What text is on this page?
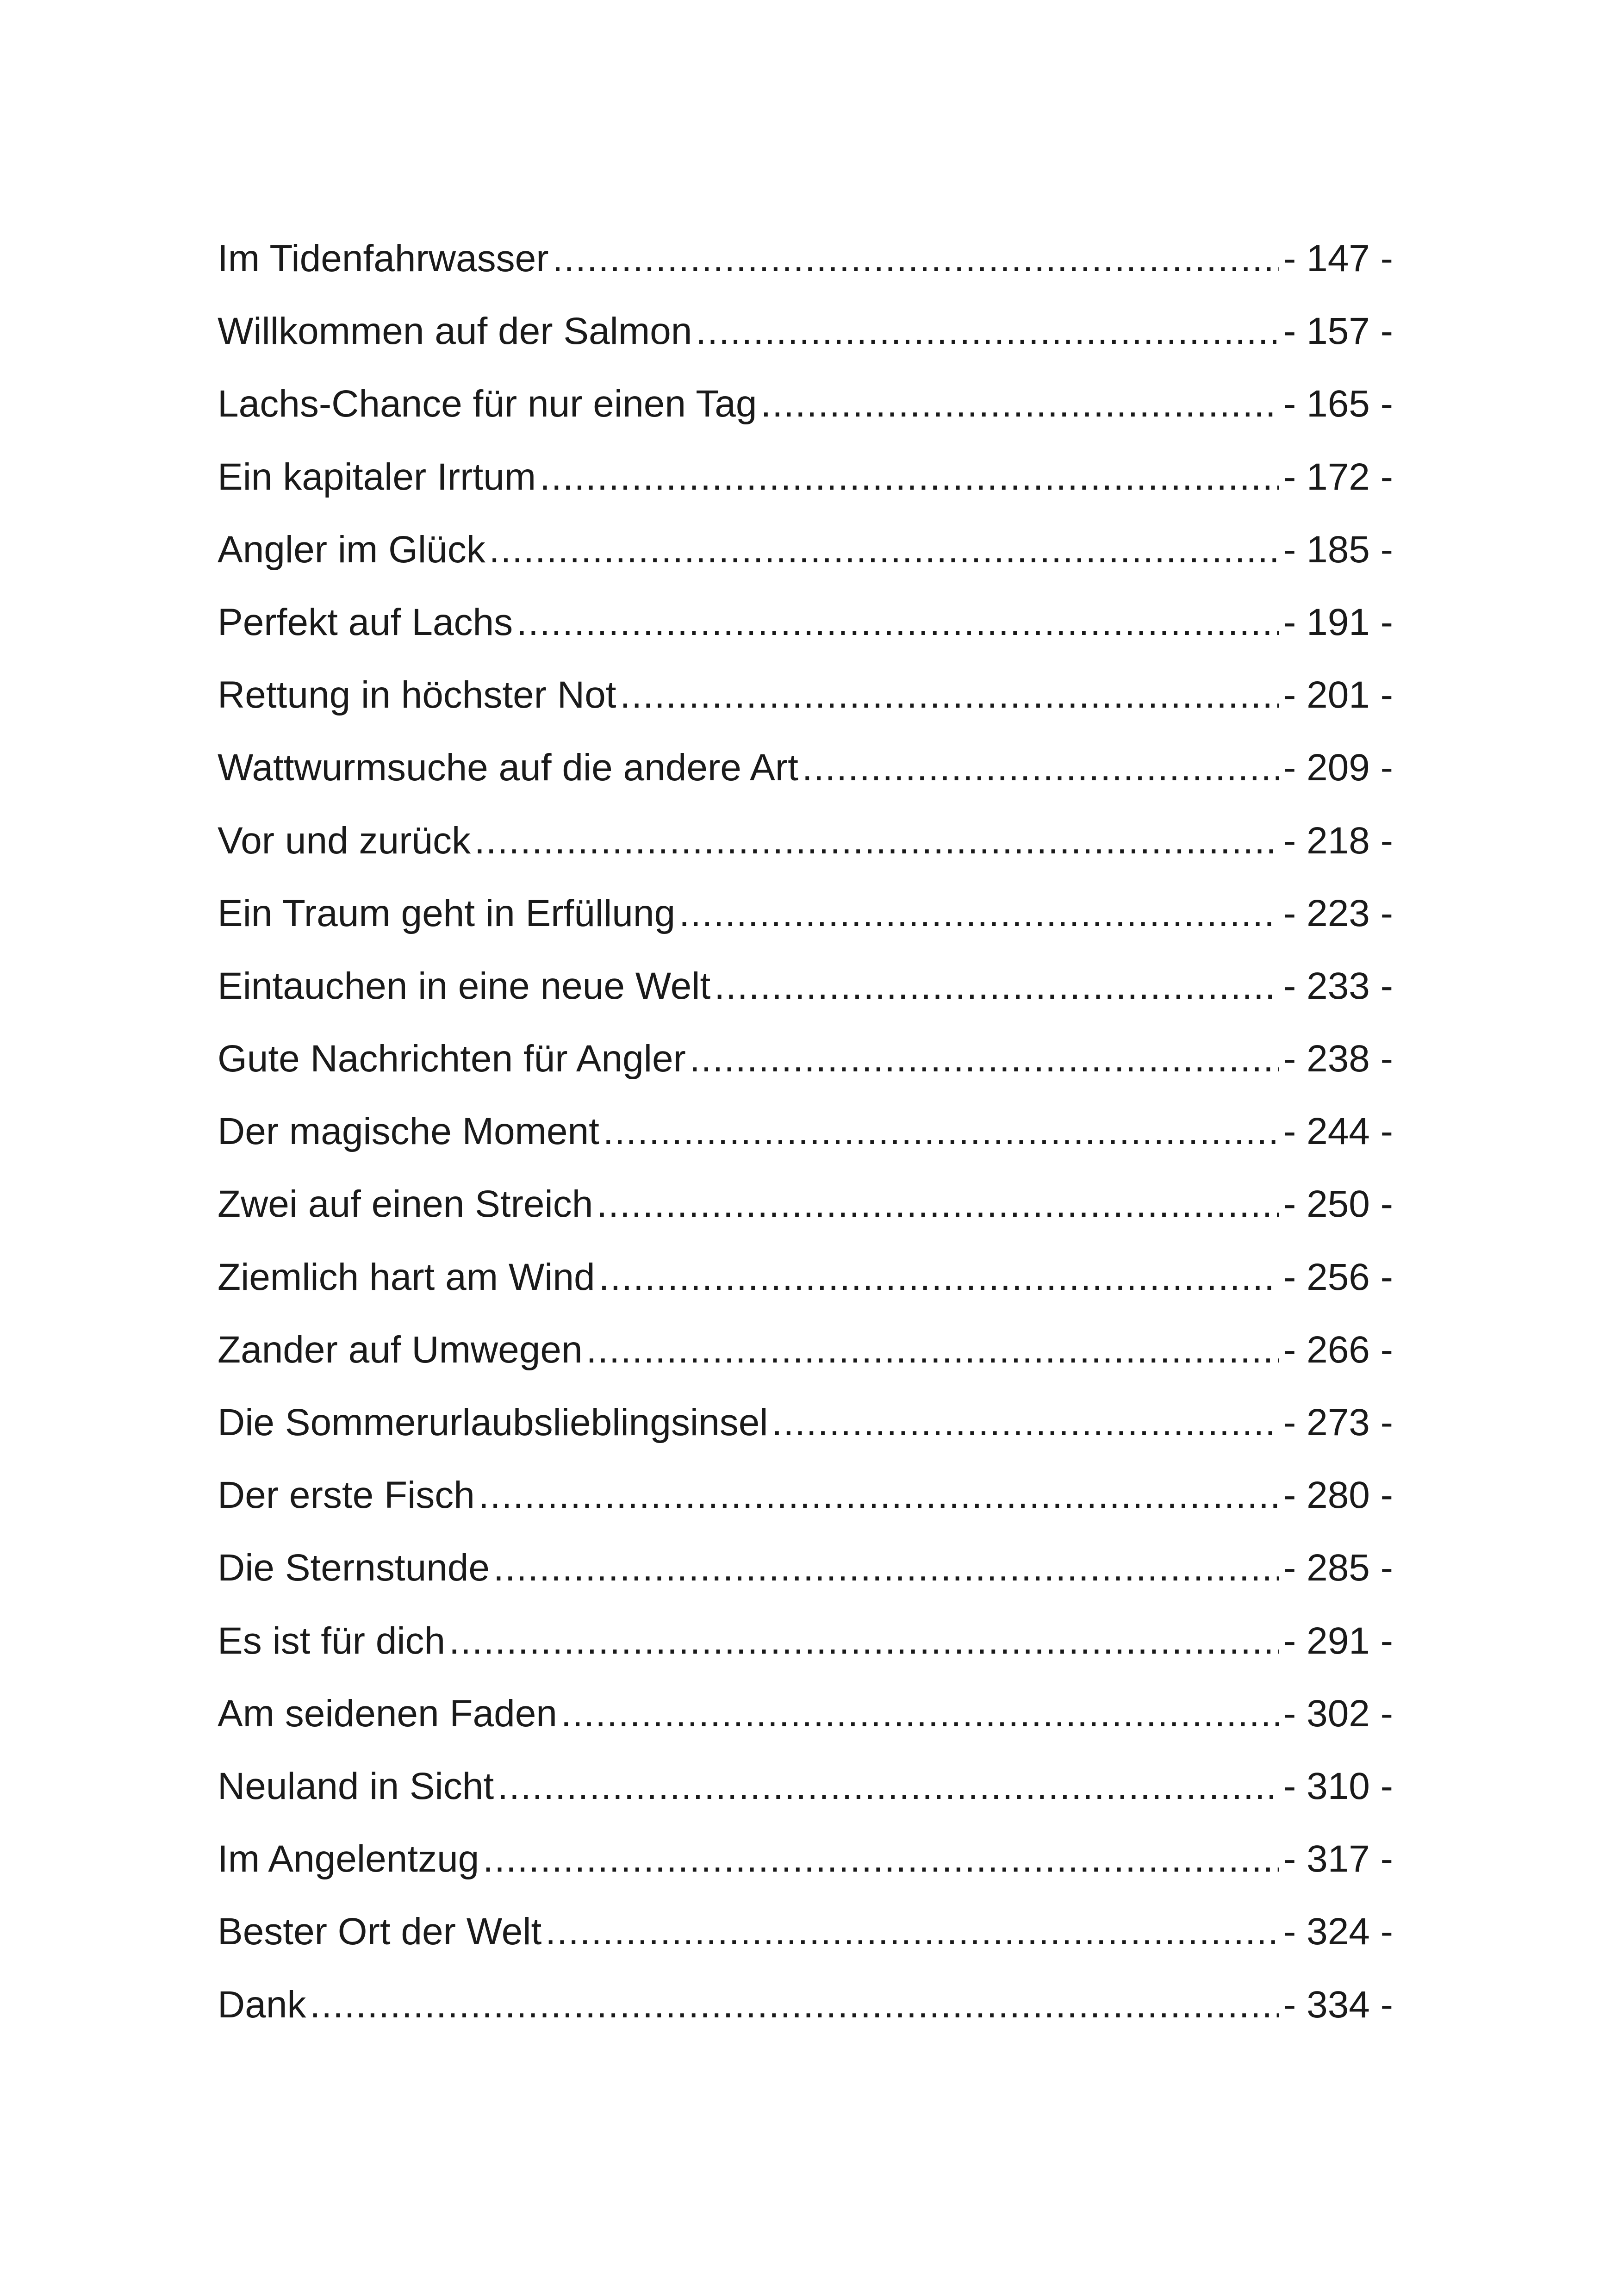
Im Tidenfahrwasser .....	- 147 -
Willkommen auf der Salmon .....	- 157 -
Lachs-Chance für nur einen Tag .....	- 165 -
Ein kapitaler Irrtum .....	- 172 -
Angler im Glück .....	- 185 -
Perfekt auf Lachs .....	- 191 -
Rettung in höchster Not .....	- 201 -
Wattwurmsuche auf die andere Art .....	- 209 -
Vor und zurück .....	- 218 -
Ein Traum geht in Erfüllung .....	- 223 -
Eintauchen in eine neue Welt .....	- 233 -
Gute Nachrichten für Angler .....	- 238 -
Der magische Moment .....	- 244 -
Zwei auf einen Streich .....	- 250 -
Ziemlich hart am Wind .....	- 256 -
Zander auf Umwegen .....	- 266 -
Die Sommerurlaubslieblingsinsel .....	- 273 -
Der erste Fisch .....	- 280 -
Die Sternstunde .....	- 285 -
Es ist für dich .....	- 291 -
Am seidenen Faden .....	- 302 -
Neuland in Sicht .....	- 310 -
Im Angelentzug .....	- 317 -
Bester Ort der Welt .....	- 324 -
Dank .....	- 334 -
